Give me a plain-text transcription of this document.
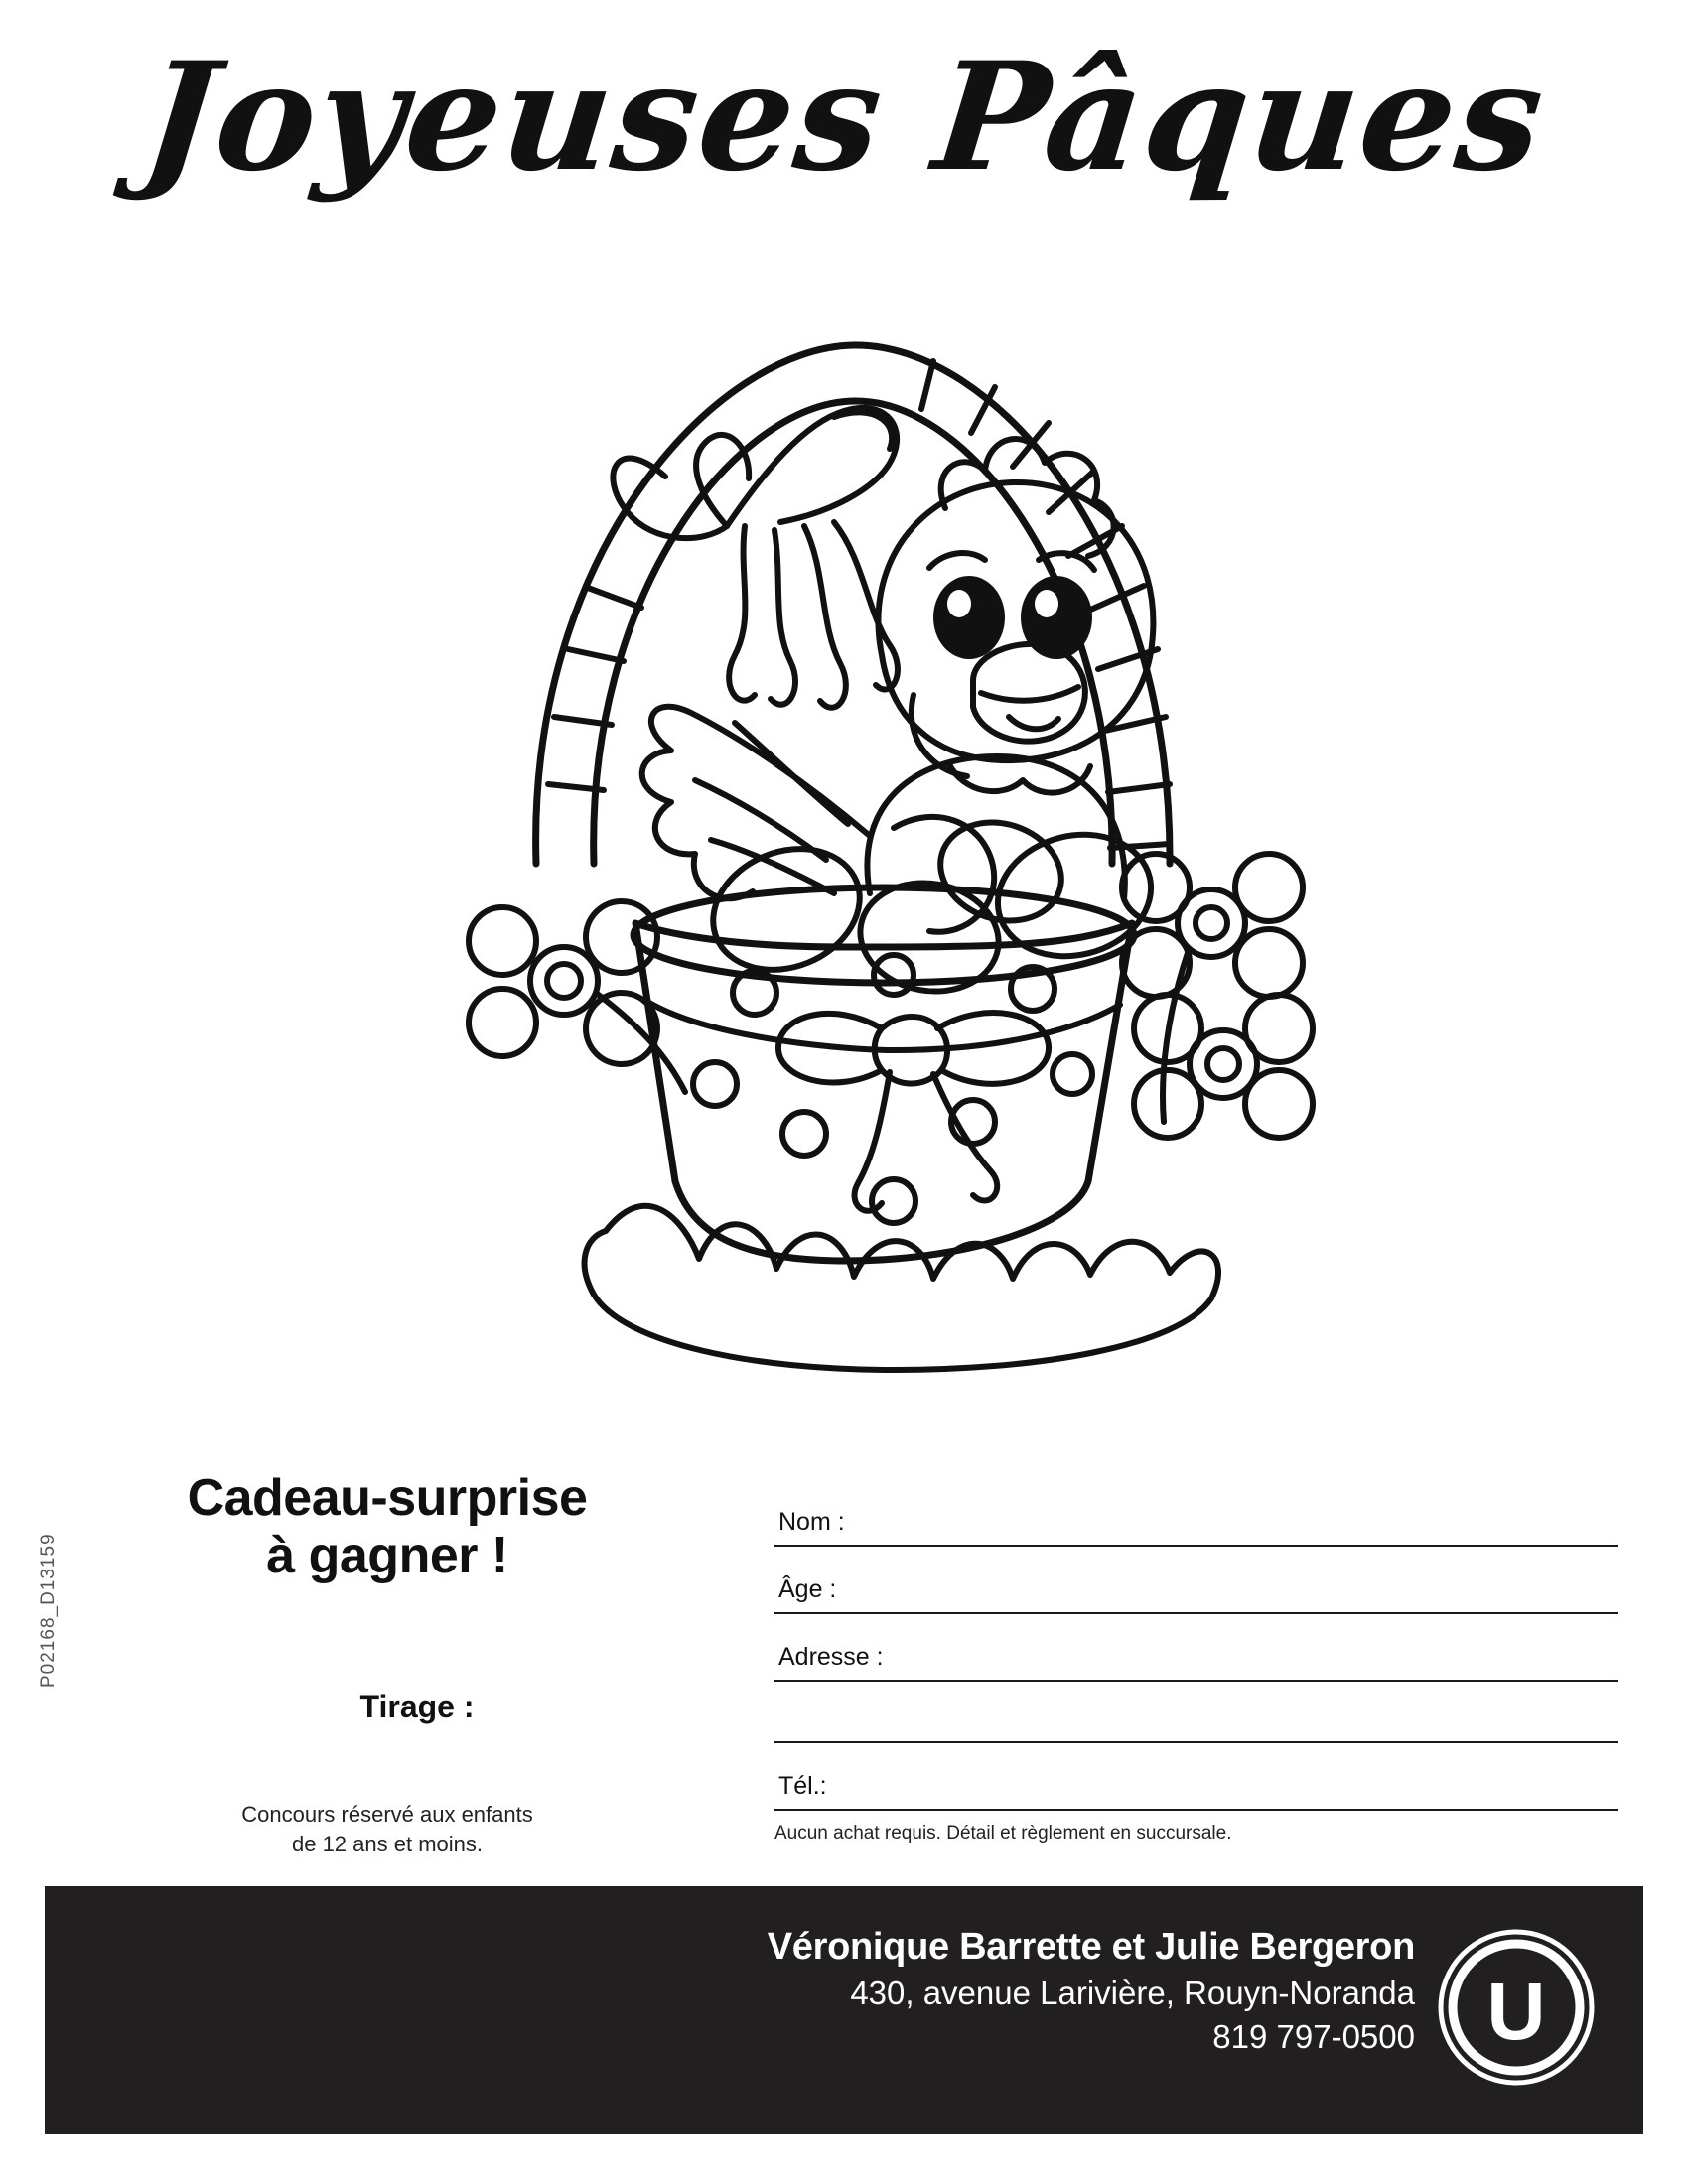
Joyeuses Pâques
Cadeau-surprise
à gagner !
Tirage :
Concours réservé aux enfants
de 12 ans et moins.
P02168_D13159
Nom :
Âge :
Adresse :
Tél.:
Aucun achat requis. Détail et règlement en succursale.
Véronique Barrette et Julie Bergeron
430, avenue Larivière, Rouyn-Noranda
819 797-0500 U
